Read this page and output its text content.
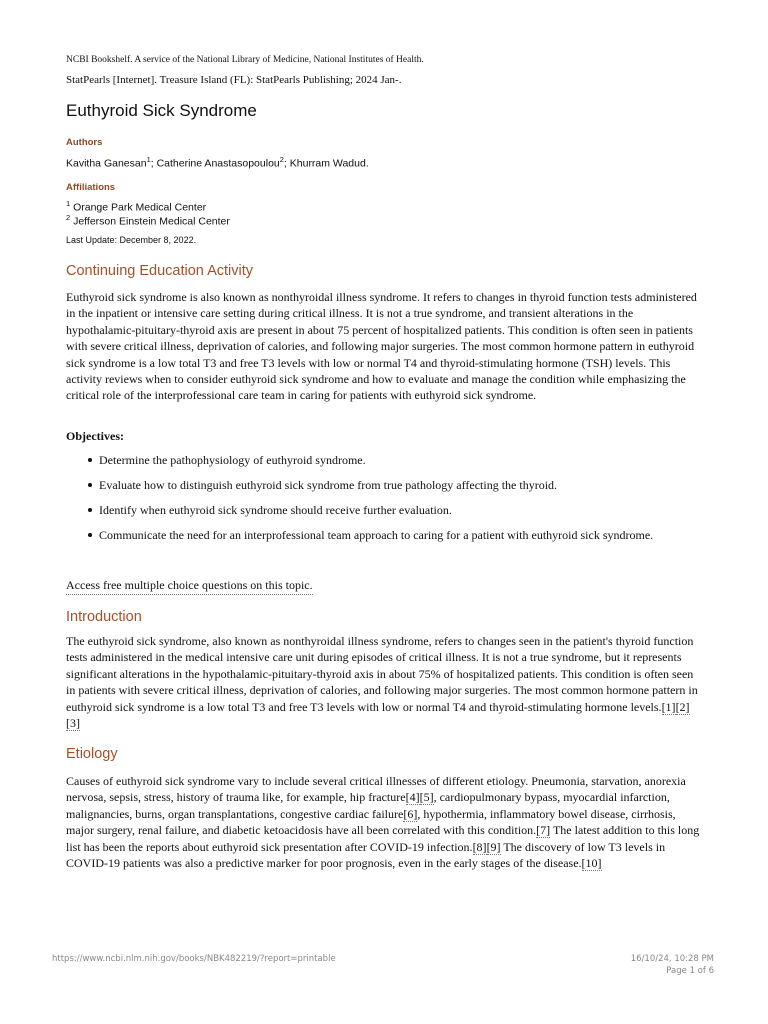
NCBI Bookshelf. A service of the National Library of Medicine, National Institutes of Health.
StatPearls [Internet]. Treasure Island (FL): StatPearls Publishing; 2024 Jan-.
Euthyroid Sick Syndrome
Authors
Kavitha Ganesan$^1$; Catherine Anastasopoulou$^2$; Khurram Wadud.
Affiliations
$^1$ Orange Park Medical Center
$^2$ Jefferson Einstein Medical Center
Last Update: December 8, 2022.
Continuing Education Activity

Euthyroid sick syndrome is also known as nonthyroidal illness syndrome. It refers to changes in thyroid function tests administered in the inpatient or intensive care setting during critical illness. It is not a true syndrome, and transient alterations in the hypothalamic-pituitary-thyroid axis are present in about 75 percent of hospitalized patients. This condition is often seen in patients with severe critical illness, deprivation of calories, and following major surgeries. The most common hormone pattern in euthyroid sick syndrome is a low total T3 and free T3 levels with low or normal T4 and thyroid-stimulating hormone (TSH) levels. This activity reviews when to consider euthyroid sick syndrome and how to evaluate and manage the condition while emphasizing the critical role of the interprofessional care team in caring for patients with euthyroid sick syndrome.

Objectives:
Determine the pathophysiology of euthyroid syndrome.
Evaluate how to distinguish euthyroid sick syndrome from true pathology affecting the thyroid.
Identify when euthyroid sick syndrome should receive further evaluation.
Communicate the need for an interprofessional team approach to caring for a patient with euthyroid sick syndrome.
Access free multiple choice questions on this topic.
Introduction

The euthyroid sick syndrome, also known as nonthyroidal illness syndrome, refers to changes seen in the patient's thyroid function tests administered in the medical intensive care unit during episodes of critical illness. It is not a true syndrome, but it represents significant alterations in the hypothalamic-pituitary-thyroid axis in about 75% of hospitalized patients. This condition is often seen in patients with severe critical illness, deprivation of calories, and following major surgeries. The most common hormone pattern in euthyroid sick syndrome is a low total T3 and free T3 levels with low or normal T4 and thyroid-stimulating hormone levels.[1][2][3]

Etiology

Causes of euthyroid sick syndrome vary to include several critical illnesses of different etiology. Pneumonia, starvation, anorexia nervosa, sepsis, stress, history of trauma like, for example, hip fracture[4][5], cardiopulmonary bypass, myocardial infarction, malignancies, burns, organ transplantations, congestive cardiac failure[6], hypothermia, inflammatory bowel disease, cirrhosis, major surgery, renal failure, and diabetic ketoacidosis have all been correlated with this condition.[7] The latest addition to this long list has been the reports about euthyroid sick presentation after COVID-19 infection.[8][9] The discovery of low T3 levels in COVID-19 patients was also a predictive marker for poor prognosis, even in the early stages of the disease.[10]

https://www.ncbi.nlm.nih.gov/books/NBK482219/?report=printable	16/10/24, 10:28 PM
Page 1 of 6
